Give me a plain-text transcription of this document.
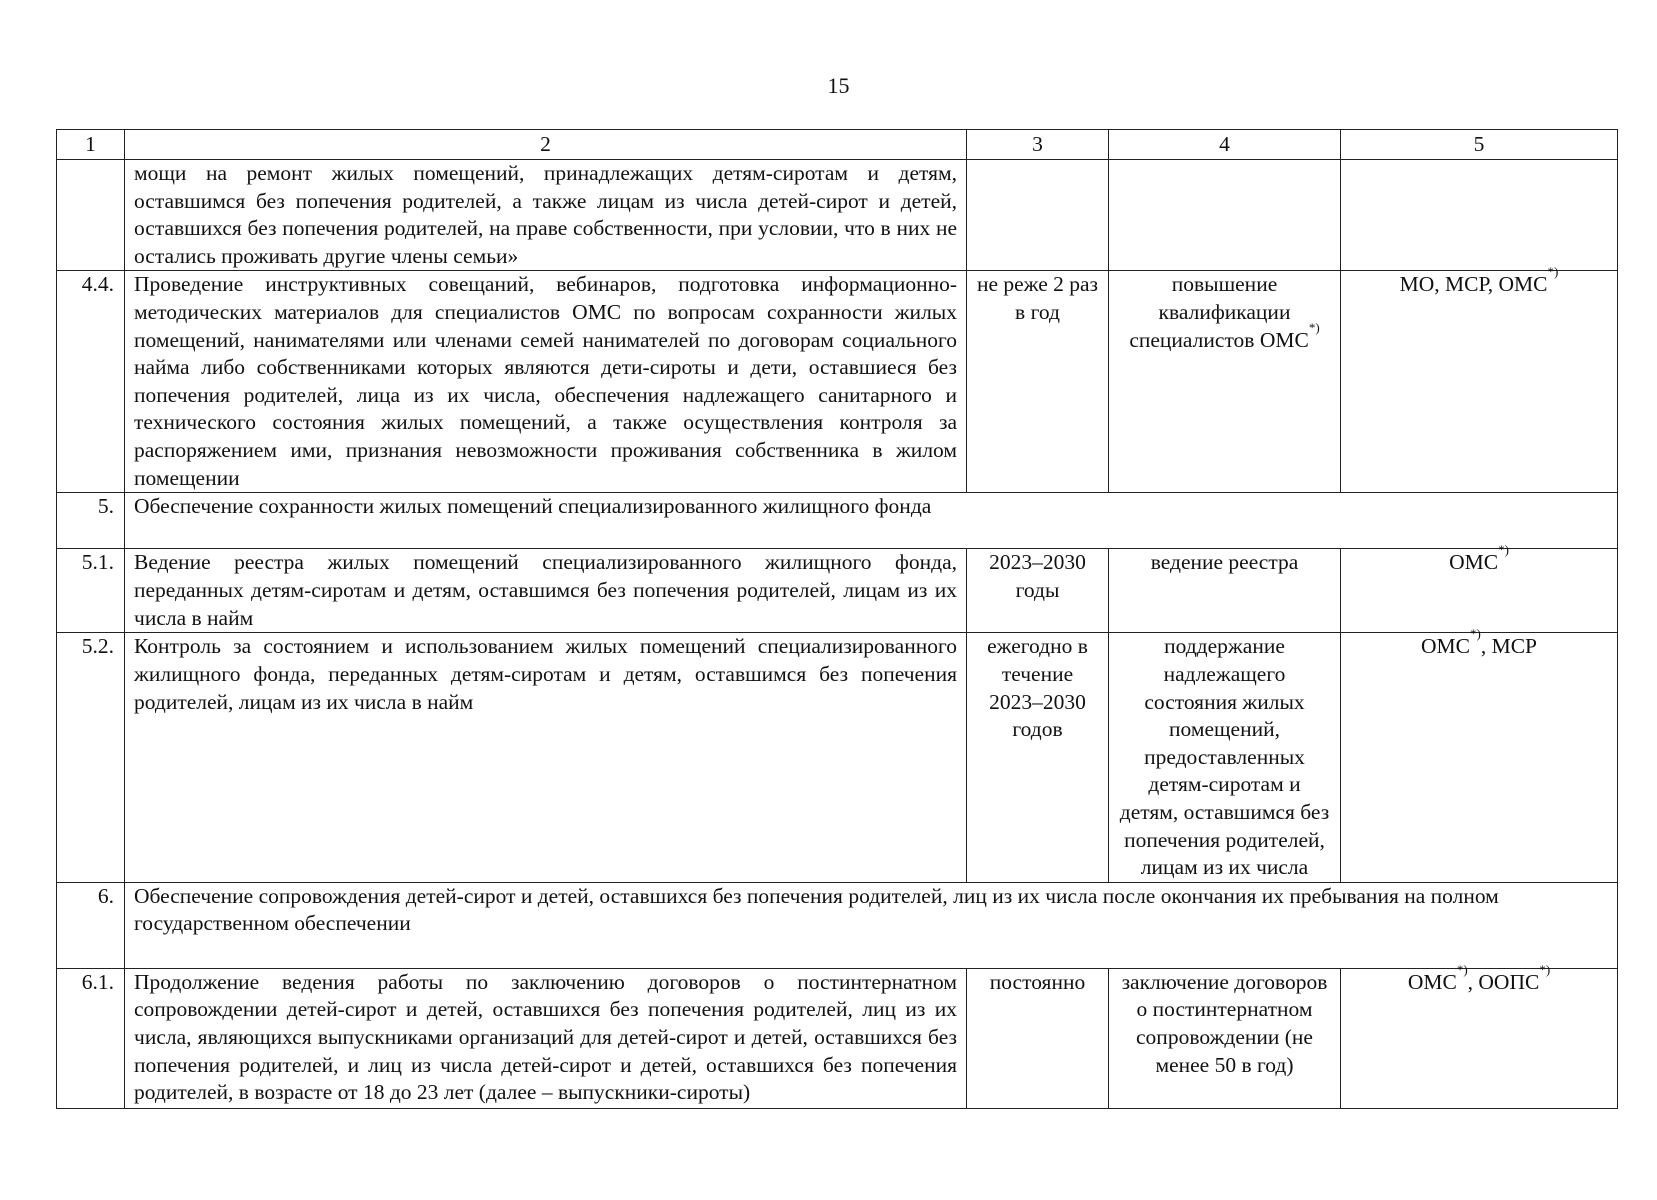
15
1	2	3	4	5
	мощи на ремонт жилых помещений, принадлежащих детям-сиротам и детям, оставшимся без попечения родителей, а также лицам из числа детей-сирот и детей, оставшихся без попечения родителей, на праве собственности, при условии, что в них не остались проживать другие члены семьи»			
4.4.	Проведение инструктивных совещаний, вебинаров, подготовка информационно-методических материалов для специалистов ОМС по вопросам сохранности жилых помещений, нанимателями или членами семей нанимателей по договорам социального найма либо собственниками которых являются дети-сироты и дети, оставшиеся без попечения родителей, лица из их числа, обеспечения надлежащего санитарного и технического состояния жилых помещений, а также осуществления контроля за распоряжением ими, признания невозможности проживания собственника в жилом помещении	не реже 2 раз в год	повышение квалификации специалистов ОМС*)	МО, МСР, ОМС*)
5.	Обеспечение сохранности жилых помещений специализированного жилищного фонда			
5.1.	Ведение реестра жилых помещений специализированного жилищного фонда, переданных детям-сиротам и детям, оставшимся без попечения родителей, лицам из их числа в найм	2023–2030 годы	ведение реестра	ОМС*)
5.2.	Контроль за состоянием и использованием жилых помещений специализированного жилищного фонда, переданных детям-сиротам и детям, оставшимся без попечения родителей, лицам из их числа в найм	ежегодно в течение 2023–2030 годов	поддержание надлежащего состояния жилых помещений, предоставленных детям-сиротам и детям, оставшимся без попечения родителей, лицам из их числа	ОМС*), МСР
6.	Обеспечение сопровождения детей-сирот и детей, оставшихся без попечения родителей, лиц из их числа после окончания их пребывания на полном государственном обеспечении			
6.1.	Продолжение ведения работы по заключению договоров о постинтернатном сопровождении детей-сирот и детей, оставшихся без попечения родителей, лиц из их числа, являющихся выпускниками организаций для детей-сирот и детей, оставшихся без попечения родителей, и лиц из числа детей-сирот и детей, оставшихся без попечения родителей, в возрасте от 18 до 23 лет (далее – выпускники-сироты)	постоянно	заключение договоров о постинтернатном сопровождении (не менее 50 в год)	ОМС*), ООПС*)
